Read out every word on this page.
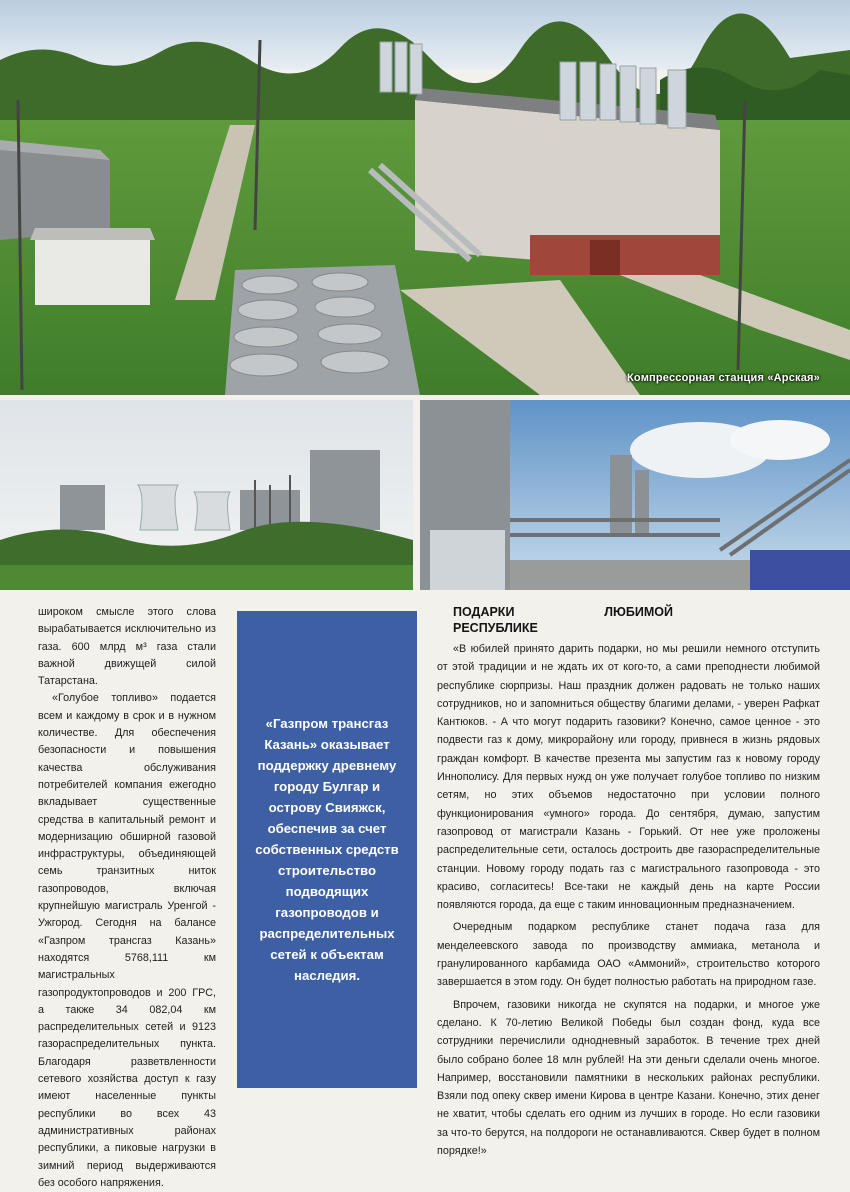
Компрессорная станция «Арская»

широком смысле этого слова вырабатывается исключительно из газа. 600 млрд м³ газа стали важной движущей силой Татарстана.

«Голубое топливо» подается всем и каждому в срок и в нужном количестве. Для обеспечения безопасности и повышения качества обслуживания потребителей компания ежегодно вкладывает существенные средства в капитальный ремонт и модернизацию обширной газовой инфраструктуры, объединяющей семь транзитных ниток газопроводов, включая крупнейшую магистраль Уренгой - Ужгород. Сегодня на балансе «Газпром трансгаз Казань» находятся 5768,111 км магистральных газопродуктопроводов и 200 ГРС, а также 34 082,04 км распределительных сетей и 9123 газораспределительных пункта. Благодаря разветвленности сетевого хозяйства доступ к газу имеют населенные пункты республики во всех 43 административных районах республики, а пиковые нагрузки в зимний период выдерживаются без особого напряжения.

«Газпром трансгаз Казань» оказывает поддержку древнему городу Булгар и острову Свияжск, обеспечив за счет собственных средств строительство подводящих газопроводов и распределительных сетей к объектам наследия.
ПОДАРКИ ЛЮБИМОЙ РЕСПУБЛИКЕ

«В юбилей принято дарить подарки, но мы решили немного отступить от этой традиции и не ждать их от кого-то, а сами преподнести любимой республике сюрпризы. Наш праздник должен радовать не только наших сотрудников, но и запомниться обществу благими делами, - уверен Рафкат Кантюков. - А что могут подарить газовики? Конечно, самое ценное - это подвести газ к дому, микрорайону или городу, привнеся в жизнь рядовых граждан комфорт. В качестве презента мы запустим газ к новому городу Иннополису. Для первых нужд он уже получает голубое топливо по низким сетям, но этих объемов недостаточно при условии полного функционирования «умного» города. До сентября, думаю, запустим газопровод от магистрали Казань - Горький. От нее уже проложены распределительные сети, осталось достроить две газораспределительные станции. Новому городу подать газ с магистрального газопровода - это красиво, согласитесь! Все-таки не каждый день на карте России появляются города, да еще с таким инновационным предназначением.

Очередным подарком республике станет подача газа для менделеевского завода по производству аммиака, метанола и гранулированного карбамида ОАО «Аммоний», строительство которого завершается в этом году. Он будет полностью работать на природном газе.

Впрочем, газовики никогда не скупятся на подарки, и многое уже сделано. К 70-летию Великой Победы был создан фонд, куда все сотрудники перечислили однодневный заработок. В течение трех дней было собрано более 18 млн рублей! На эти деньги сделали очень многое. Например, восстановили памятники в нескольких районах республики. Взяли под опеку сквер имени Кирова в центре Казани. Конечно, этих денег не хватит, чтобы сделать его одним из лучших в городе. Но если газовики за что-то берутся, на полдороги не останавливаются. Сквер будет в полном порядке!»
